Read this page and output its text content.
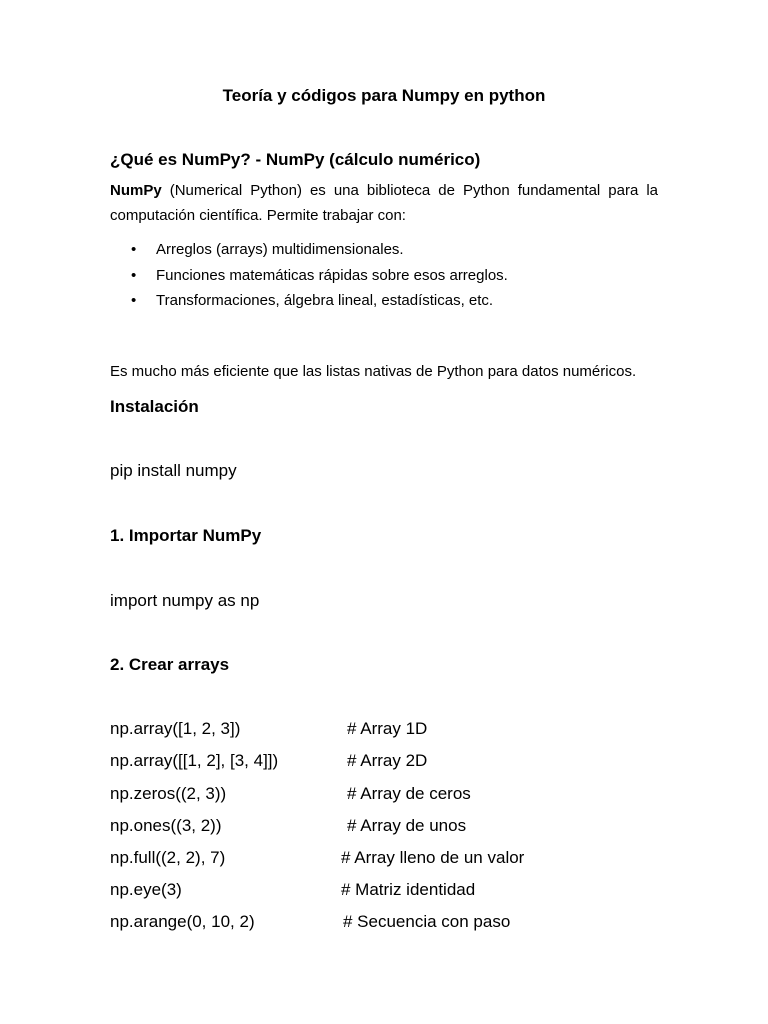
Teoría y códigos para Numpy en python
¿Qué es NumPy? - NumPy (cálculo numérico)
NumPy (Numerical Python) es una biblioteca de Python fundamental para la computación científica. Permite trabajar con:
• Arreglos (arrays) multidimensionales.
• Funciones matemáticas rápidas sobre esos arreglos.
• Transformaciones, álgebra lineal, estadísticas, etc.
Es mucho más eficiente que las listas nativas de Python para datos numéricos.
Instalación
pip install numpy
1. Importar NumPy
import numpy as np
2. Crear arrays
np.array([1, 2, 3])	# Array 1D
np.array([[1, 2], [3, 4]])	# Array 2D
np.zeros((2, 3))	# Array de ceros
np.ones((3, 2))	# Array de unos
np.full((2, 2), 7)	# Array lleno de un valor
np.eye(3)	# Matriz identidad
np.arange(0, 10, 2)	# Secuencia con paso
